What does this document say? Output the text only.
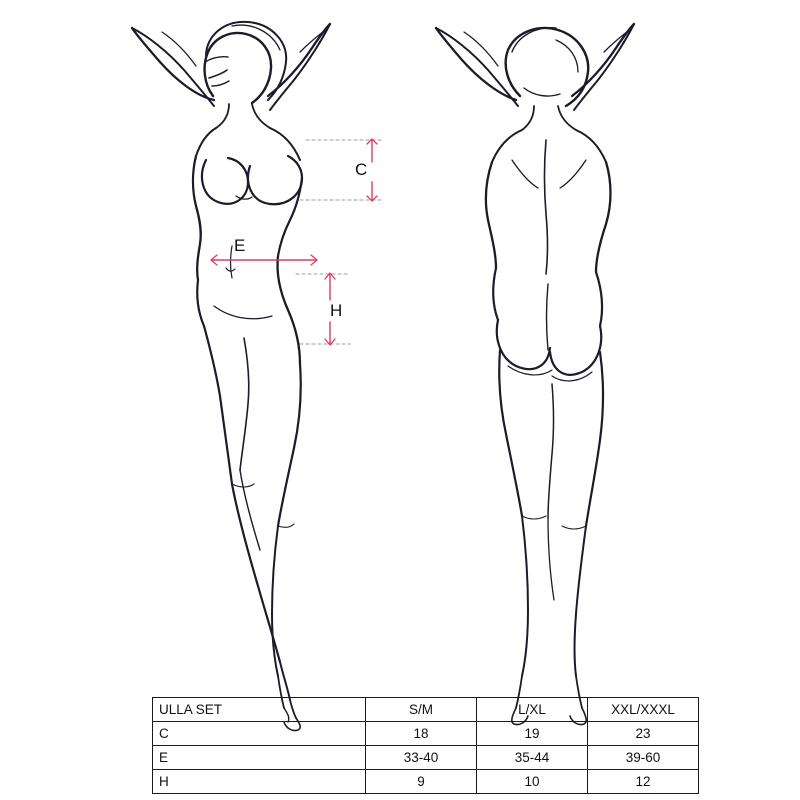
C
E
H
ULLA SET	S/M	L/XL	XXL/XXXL
C	18	19	23
E	33-40	35-44	39-60
H	9	10	12
